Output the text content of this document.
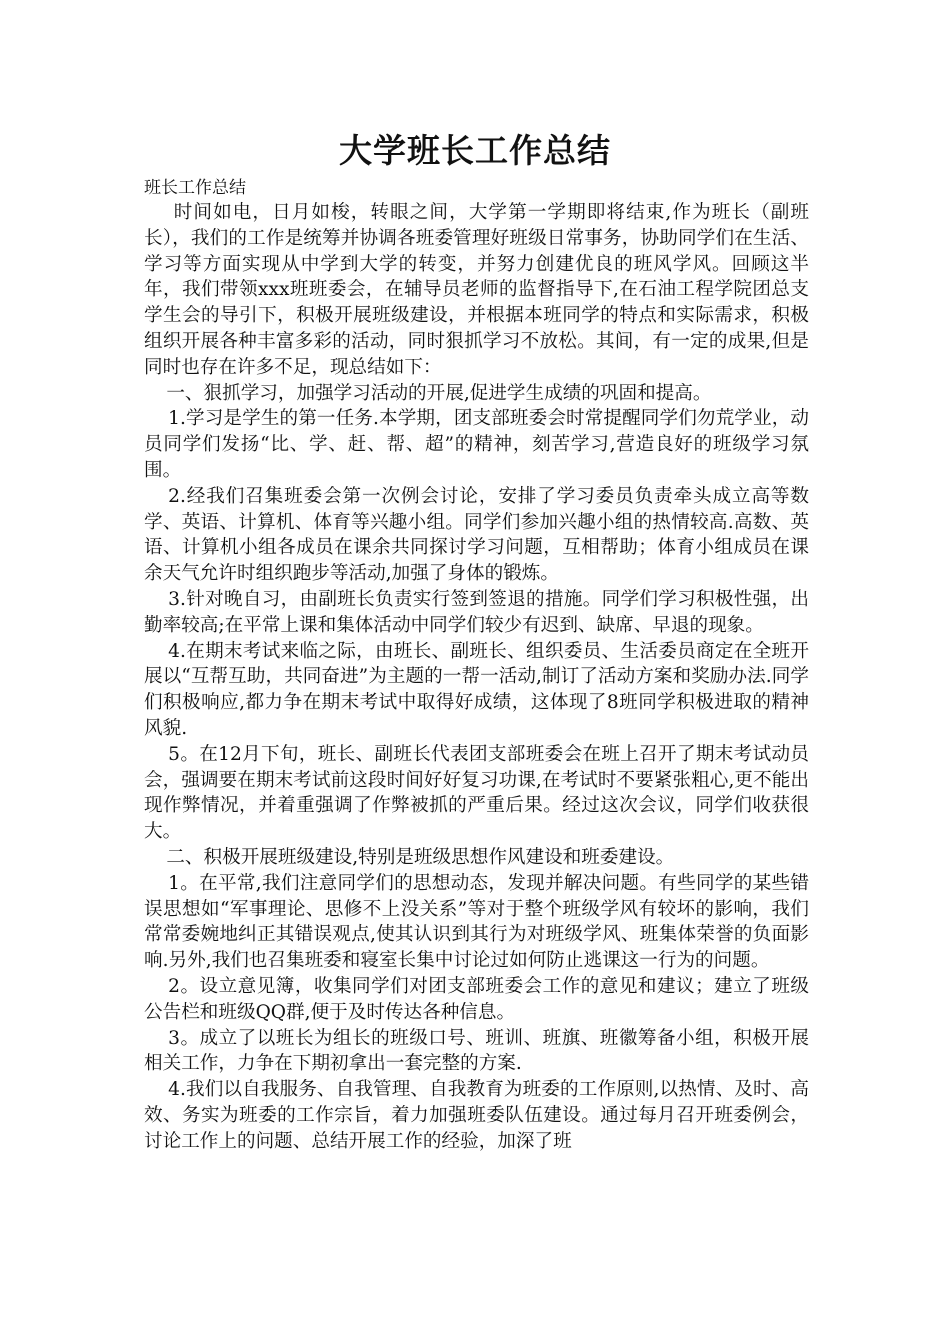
大学班长工作总结

班长工作总结

时间如电，日月如梭，转眼之间，大学第一学期即将结束,作为班长（副班长），我们的工作是统筹并协调各班委管理好班级日常事务，协助同学们在生活、学习等方面实现从中学到大学的转变，并努力创建优良的班风学风。回顾这半年，我们带领xxx班班委会，在辅导员老师的监督指导下,在石油工程学院团总支学生会的导引下，积极开展班级建设，并根据本班同学的特点和实际需求，积极组织开展各种丰富多彩的活动，同时狠抓学习不放松。其间，有一定的成果,但是同时也存在许多不足，现总结如下：

一、狠抓学习，加强学习活动的开展,促进学生成绩的巩固和提高。

1.学习是学生的第一任务.本学期，团支部班委会时常提醒同学们勿荒学业，动员同学们发扬“比、学、赶、帮、超”的精神，刻苦学习,营造良好的班级学习氛围。

2.经我们召集班委会第一次例会讨论，安排了学习委员负责牵头成立高等数学、英语、计算机、体育等兴趣小组。同学们参加兴趣小组的热情较高.高数、英语、计算机小组各成员在课余共同探讨学习问题，互相帮助；体育小组成员在课余天气允许时组织跑步等活动,加强了身体的锻炼。

3.针对晚自习，由副班长负责实行签到签退的措施。同学们学习积极性强，出勤率较高;在平常上课和集体活动中同学们较少有迟到、缺席、早退的现象。

4.在期末考试来临之际，由班长、副班长、组织委员、生活委员商定在全班开展以“互帮互助，共同奋进”为主题的一帮一活动,制订了活动方案和奖励办法.同学们积极响应,都力争在期末考试中取得好成绩，这体现了8班同学积极进取的精神风貌.

5。在12月下旬，班长、副班长代表团支部班委会在班上召开了期末考试动员会，强调要在期末考试前这段时间好好复习功课,在考试时不要紧张粗心,更不能出现作弊情况，并着重强调了作弊被抓的严重后果。经过这次会议，同学们收获很大。

二、积极开展班级建设,特别是班级思想作风建设和班委建设。

1。在平常,我们注意同学们的思想动态，发现并解决问题。有些同学的某些错误思想如“军事理论、思修不上没关系”等对于整个班级学风有较坏的影响，我们常常委婉地纠正其错误观点,使其认识到其行为对班级学风、班集体荣誉的负面影响.另外,我们也召集班委和寝室长集中讨论过如何防止逃课这一行为的问题。

2。设立意见簿，收集同学们对团支部班委会工作的意见和建议；建立了班级公告栏和班级QQ群,便于及时传达各种信息。

3。成立了以班长为组长的班级口号、班训、班旗、班徽筹备小组，积极开展相关工作，力争在下期初拿出一套完整的方案.

4.我们以自我服务、自我管理、自我教育为班委的工作原则,以热情、及时、高效、务实为班委的工作宗旨，着力加强班委队伍建设。通过每月召开班委例会，讨论工作上的问题、总结开展工作的经验，加深了班
